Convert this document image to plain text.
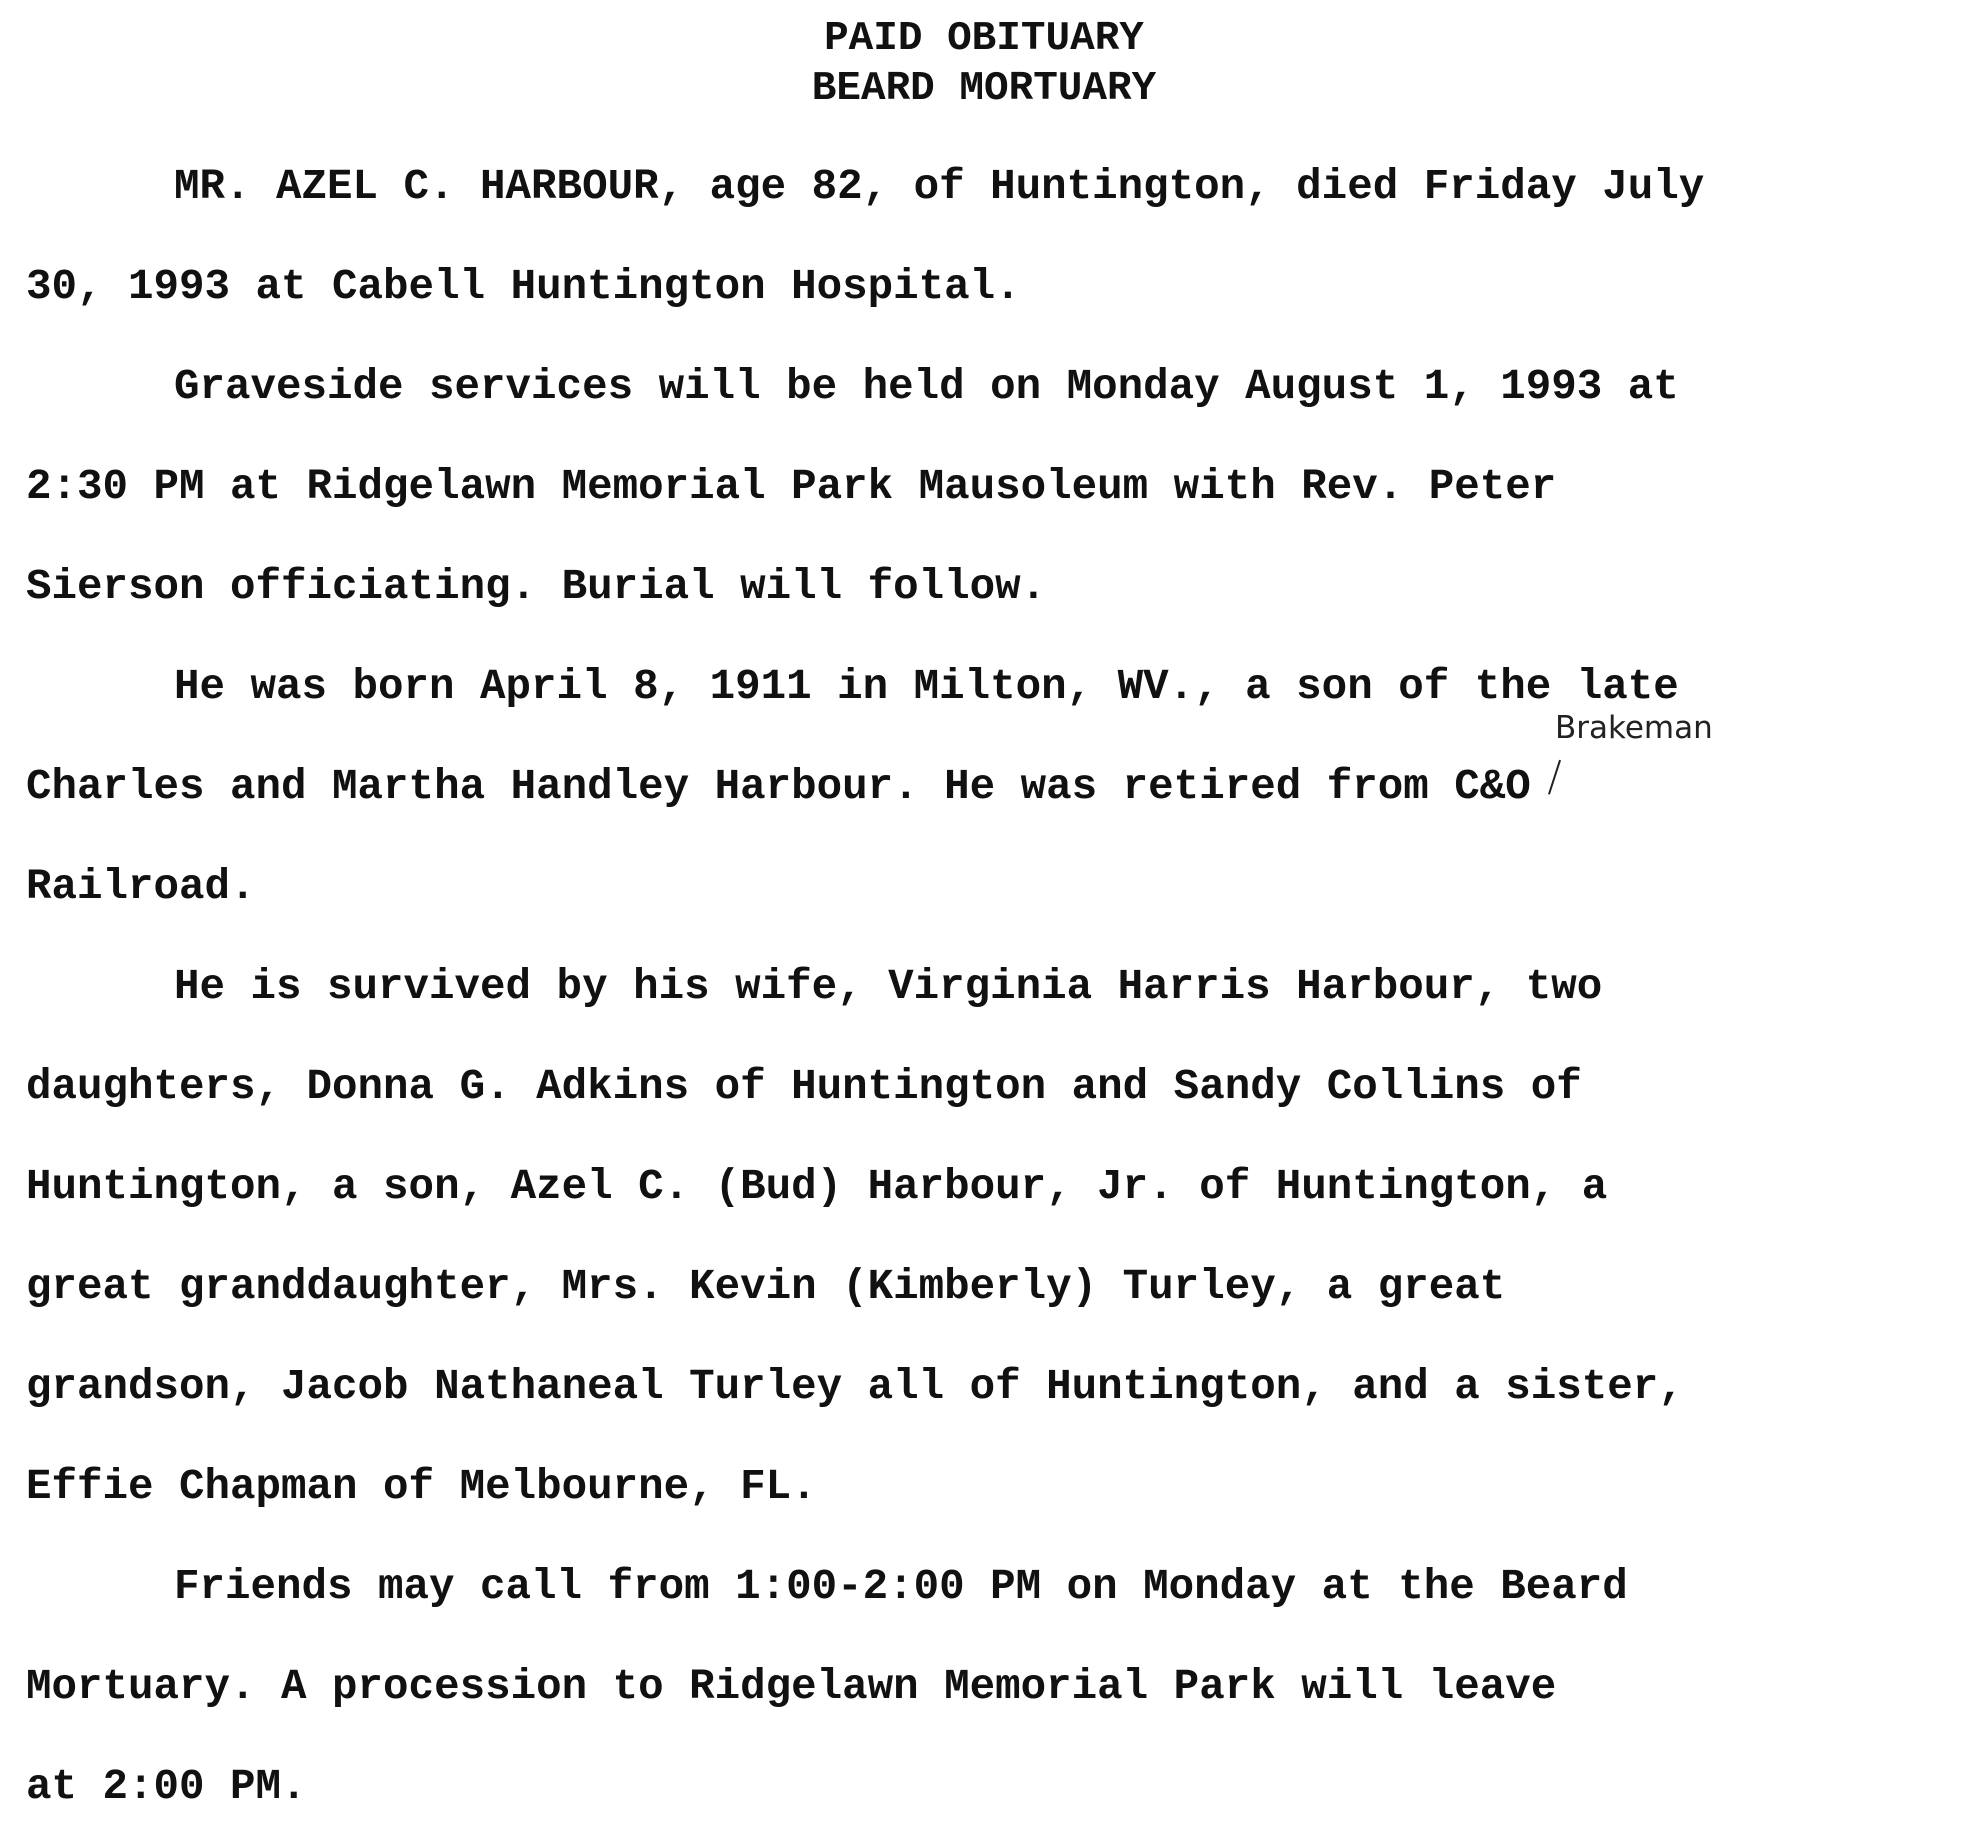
PAID OBITUARY
BEARD MORTUARY
MR. AZEL C. HARBOUR, age 82, of Huntington, died Friday July
30, 1993 at Cabell Huntington Hospital.
Graveside services will be held on Monday August 1, 1993 at
2:30 PM at Ridgelawn Memorial Park Mausoleum with Rev. Peter
Sierson officiating. Burial will follow.
He was born April 8, 1911 in Milton, WV., a son of the late
Charles and Martha Handley Harbour. He was retired from C&O
Railroad.
Brakeman
He is survived by his wife, Virginia Harris Harbour, two
daughters, Donna G. Adkins of Huntington and Sandy Collins of
Huntington, a son, Azel C. (Bud) Harbour, Jr. of Huntington, a
great granddaughter, Mrs. Kevin (Kimberly) Turley, a great
grandson, Jacob Nathaneal Turley all of Huntington, and a sister,
Effie Chapman of Melbourne, FL.
Friends may call from 1:00-2:00 PM on Monday at the Beard
Mortuary. A procession to Ridgelawn Memorial Park will leave
at 2:00 PM.
